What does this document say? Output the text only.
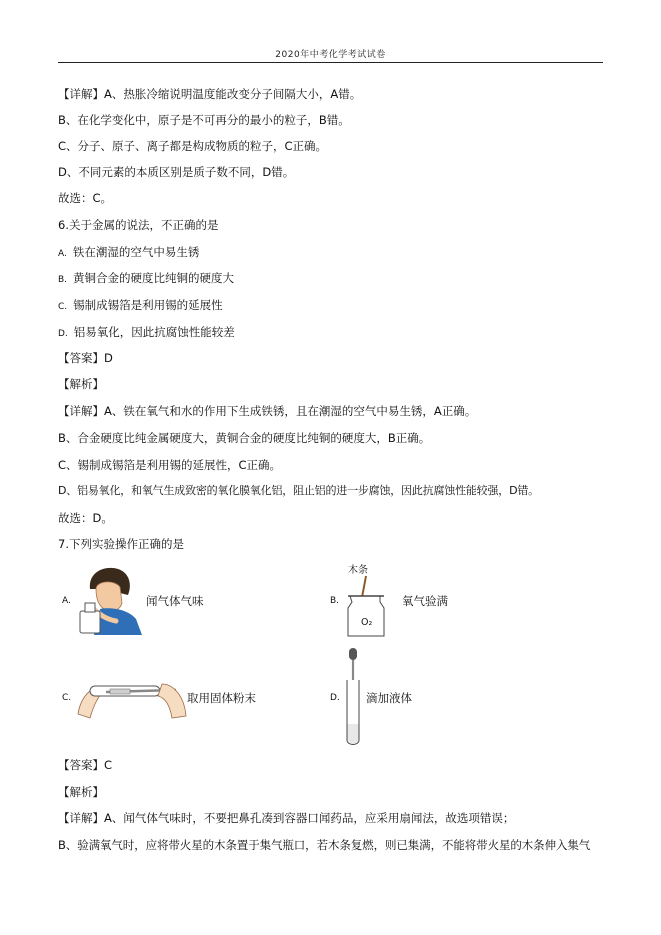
2020年中考化学考试试卷
【详解】A、热胀冷缩说明温度能改变分子间隔大小，A错。
B、在化学变化中，原子是不可再分的最小的粒子，B错。
C、分子、原子、离子都是构成物质的粒子，C正确。
D、不同元素的本质区别是质子数不同，D错。
故选：C。
6.关于金属的说法，不正确的是
A. 铁在潮湿的空气中易生锈
B. 黄铜合金的硬度比纯铜的硬度大
C. 锡制成锡箔是利用锡的延展性
D. 铝易氧化，因此抗腐蚀性能较差
【答案】D
【解析】
【详解】A、铁在氧气和水的作用下生成铁锈，且在潮湿的空气中易生锈，A正确。
B、合金硬度比纯金属硬度大，黄铜合金的硬度比纯铜的硬度大，B正确。
C、锡制成锡箔是利用锡的延展性，C正确。
D、铝易氧化，和氧气生成致密的氧化膜氧化铝，阻止铝的进一步腐蚀，因此抗腐蚀性能较强，D错。
故选：D。
7.下列实验操作正确的是
A.	闻气体气味	B.
木条
O₂
氧气验满
C.	取用固体粉末	D. 滴加液体
【答案】C
【解析】
【详解】A、闻气体气味时，不要把鼻孔凑到容器口闻药品，应采用扇闻法，故选项错误；
B、验满氧气时，应将带火星的木条置于集气瓶口，若木条复燃，则已集满，不能将带火星的木条伸入集气
